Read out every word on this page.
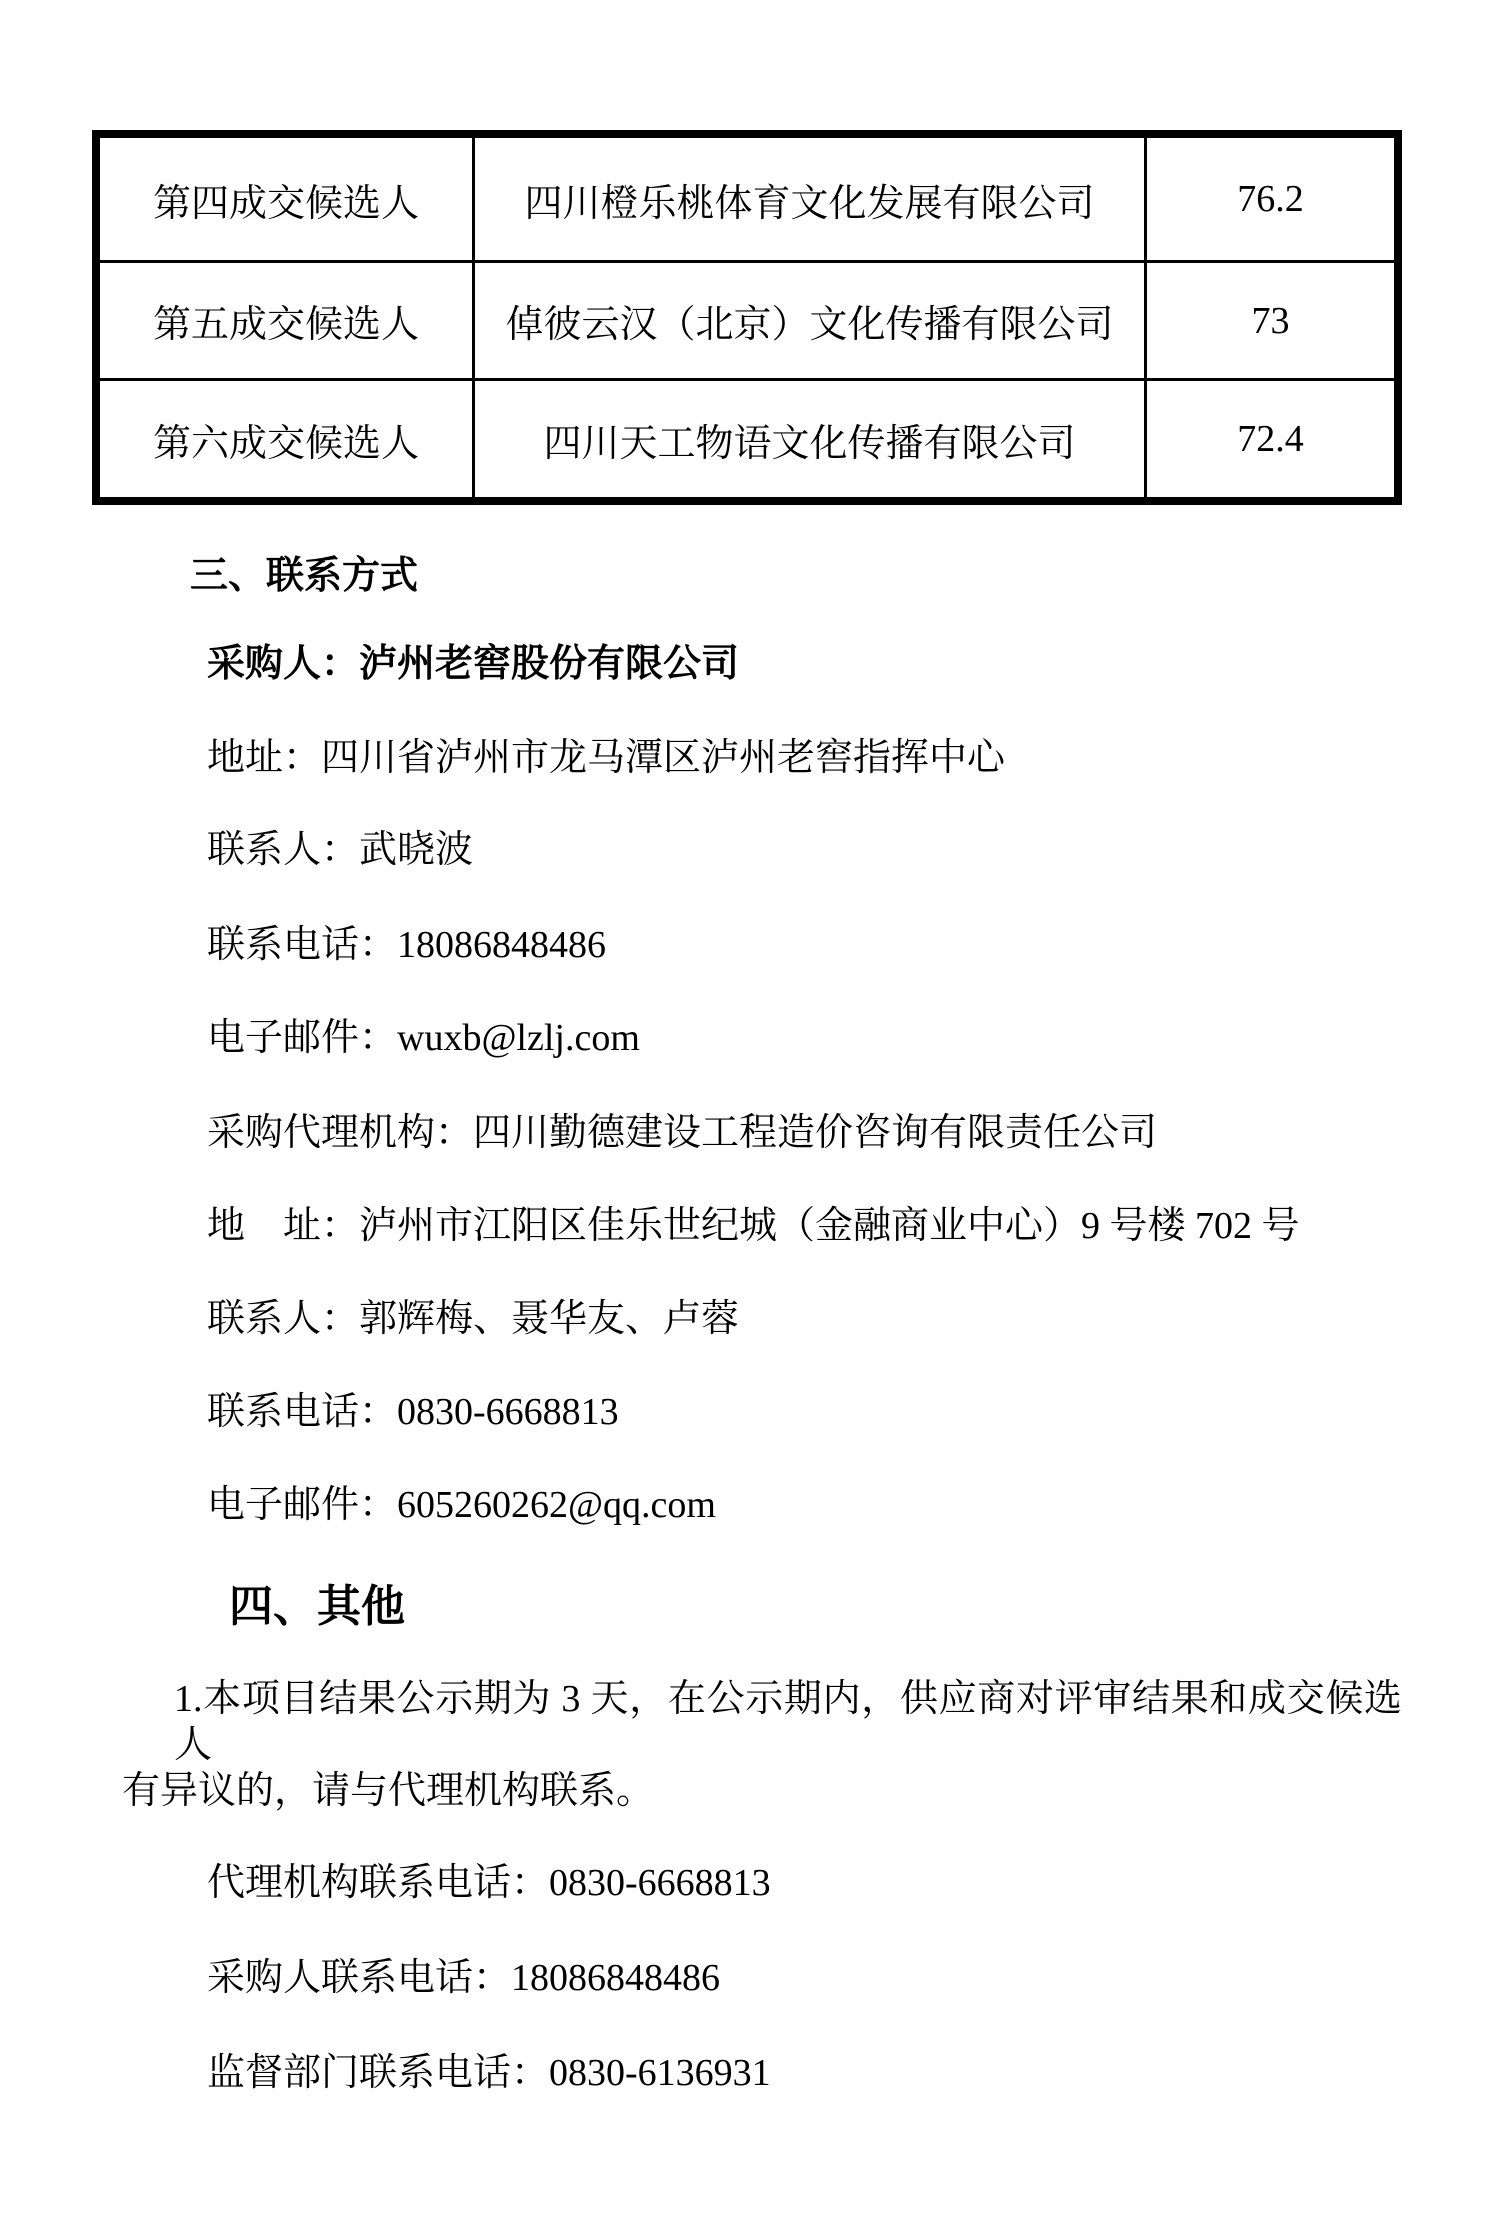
第四成交候选人	四川橙乐桃体育文化发展有限公司	76.2
第五成交候选人	倬彼云汉（北京）文化传播有限公司	73
第六成交候选人	四川天工物语文化传播有限公司	72.4
三、联系方式
采购人：泸州老窖股份有限公司
地址：四川省泸州市龙马潭区泸州老窖指挥中心
联系人：武晓波
联系电话：18086848486
电子邮件：wuxb@lzlj.com
采购代理机构：四川勤德建设工程造价咨询有限责任公司
地　址：泸州市江阳区佳乐世纪城（金融商业中心）9 号楼 702 号
联系人：郭辉梅、聂华友、卢蓉
联系电话：0830-6668813
电子邮件：605260262@qq.com
四、其他
1.本项目结果公示期为 3 天，在公示期内，供应商对评审结果和成交候选人
有异议的，请与代理机构联系。
代理机构联系电话：0830-6668813
采购人联系电话：18086848486
监督部门联系电话：0830-6136931
